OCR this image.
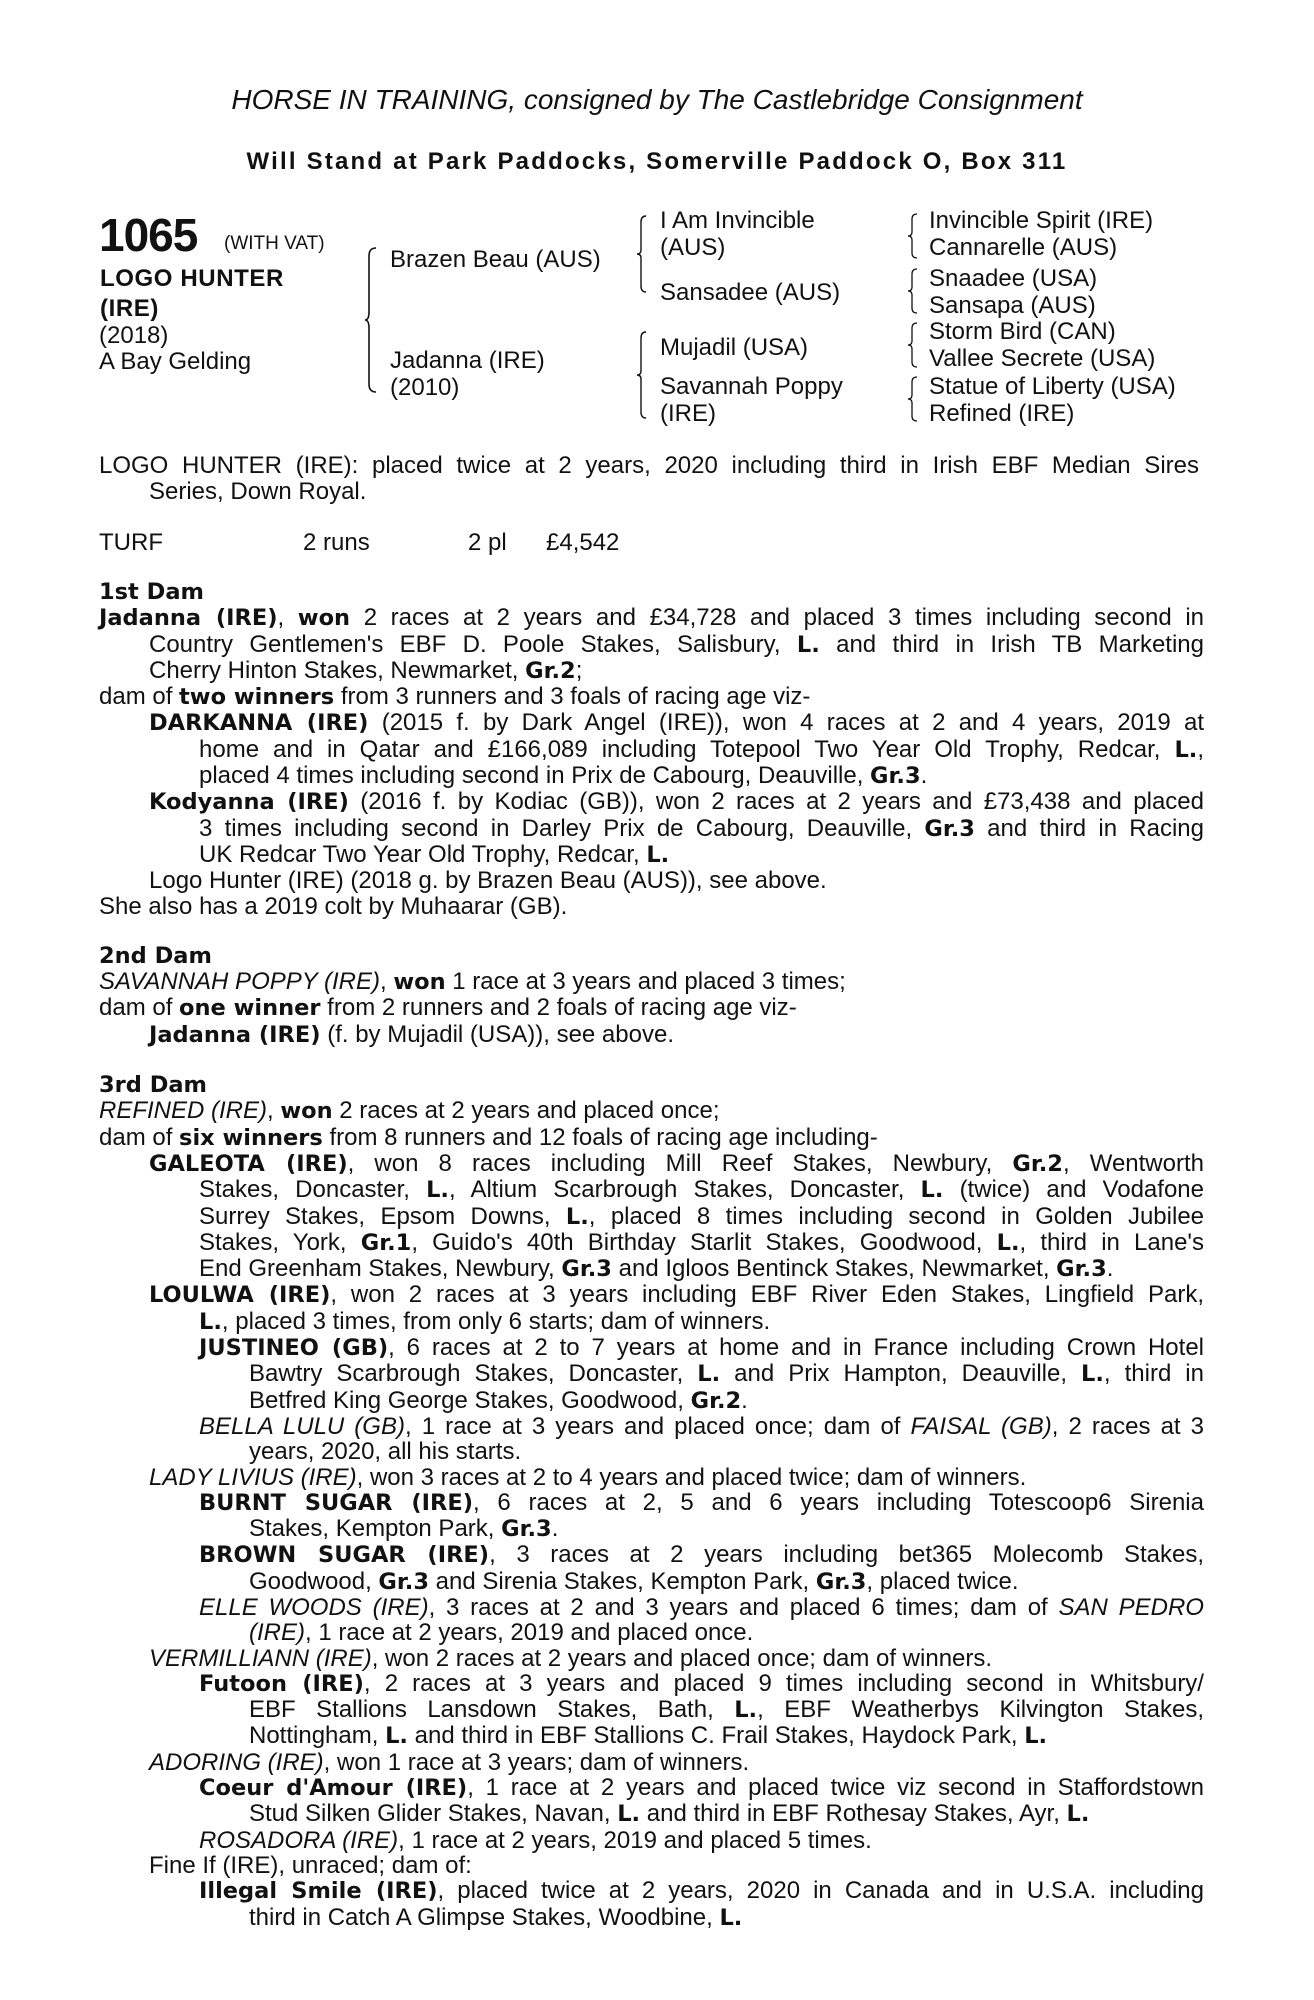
HORSE IN TRAINING, consigned by The Castlebridge Consignment
Will Stand at Park Paddocks, Somerville Paddock O, Box 311
1065 (WITH VAT)
LOGO HUNTER (IRE)
(2018)
A Bay Gelding
Brazen Beau (AUS)
Jadanna (IRE)
(2010)
I Am Invincible
(AUS)
Sansadee (AUS)
Mujadil (USA)
Savannah Poppy
(IRE)
Invincible Spirit (IRE)
Cannarelle (AUS)
Snaadee (USA)
Sansapa (AUS)
Storm Bird (CAN)
Vallee Secrete (USA)
Statue of Liberty (USA)
Refined (IRE)
LOGO HUNTER (IRE): placed twice at 2 years, 2020 including third in Irish EBF Median Sires
Series, Down Royal.
TURF	2 runs	2 pl £4,542
1st Dam
Jadanna (IRE), won 2 races at 2 years and £34,728 and placed 3 times including second in
Country Gentlemen's EBF D. Poole Stakes, Salisbury, L. and third in Irish TB Marketing
Cherry Hinton Stakes, Newmarket, Gr.2;
dam of two winners from 3 runners and 3 foals of racing age viz-
DARKANNA (IRE) (2015 f. by Dark Angel (IRE)), won 4 races at 2 and 4 years, 2019 at
home and in Qatar and £166,089 including Totepool Two Year Old Trophy, Redcar, L.,
placed 4 times including second in Prix de Cabourg, Deauville, Gr.3.
Kodyanna (IRE) (2016 f. by Kodiac (GB)), won 2 races at 2 years and £73,438 and placed
3 times including second in Darley Prix de Cabourg, Deauville, Gr.3 and third in Racing
UK Redcar Two Year Old Trophy, Redcar, L.
Logo Hunter (IRE) (2018 g. by Brazen Beau (AUS)), see above.
She also has a 2019 colt by Muhaarar (GB).
2nd Dam
SAVANNAH POPPY (IRE), won 1 race at 3 years and placed 3 times;
dam of one winner from 2 runners and 2 foals of racing age viz-
Jadanna (IRE) (f. by Mujadil (USA)), see above.
3rd Dam
REFINED (IRE), won 2 races at 2 years and placed once;
dam of six winners from 8 runners and 12 foals of racing age including-
GALEOTA (IRE), won 8 races including Mill Reef Stakes, Newbury, Gr.2, Wentworth
Stakes, Doncaster, L., Altium Scarbrough Stakes, Doncaster, L. (twice) and Vodafone
Surrey Stakes, Epsom Downs, L., placed 8 times including second in Golden Jubilee
Stakes, York, Gr.1, Guido's 40th Birthday Starlit Stakes, Goodwood, L., third in Lane's
End Greenham Stakes, Newbury, Gr.3 and Igloos Bentinck Stakes, Newmarket, Gr.3.
LOULWA (IRE), won 2 races at 3 years including EBF River Eden Stakes, Lingfield Park,
L., placed 3 times, from only 6 starts; dam of winners.
JUSTINEO (GB), 6 races at 2 to 7 years at home and in France including Crown Hotel
Bawtry Scarbrough Stakes, Doncaster, L. and Prix Hampton, Deauville, L., third in
Betfred King George Stakes, Goodwood, Gr.2.
BELLA LULU (GB), 1 race at 3 years and placed once; dam of FAISAL (GB), 2 races at 3
years, 2020, all his starts.
LADY LIVIUS (IRE), won 3 races at 2 to 4 years and placed twice; dam of winners.
BURNT SUGAR (IRE), 6 races at 2, 5 and 6 years including Totescoop6 Sirenia
Stakes, Kempton Park, Gr.3.
BROWN SUGAR (IRE), 3 races at 2 years including bet365 Molecomb Stakes,
Goodwood, Gr.3 and Sirenia Stakes, Kempton Park, Gr.3, placed twice.
ELLE WOODS (IRE), 3 races at 2 and 3 years and placed 6 times; dam of SAN PEDRO
(IRE), 1 race at 2 years, 2019 and placed once.
VERMILLIANN (IRE), won 2 races at 2 years and placed once; dam of winners.
Futoon (IRE), 2 races at 3 years and placed 9 times including second in Whitsbury/
EBF Stallions Lansdown Stakes, Bath, L., EBF Weatherbys Kilvington Stakes,
Nottingham, L. and third in EBF Stallions C. Frail Stakes, Haydock Park, L.
ADORING (IRE), won 1 race at 3 years; dam of winners.
Coeur d'Amour (IRE), 1 race at 2 years and placed twice viz second in Staffordstown
Stud Silken Glider Stakes, Navan, L. and third in EBF Rothesay Stakes, Ayr, L.
ROSADORA (IRE), 1 race at 2 years, 2019 and placed 5 times.
Fine If (IRE), unraced; dam of:
Illegal Smile (IRE), placed twice at 2 years, 2020 in Canada and in U.S.A. including
third in Catch A Glimpse Stakes, Woodbine, L.
